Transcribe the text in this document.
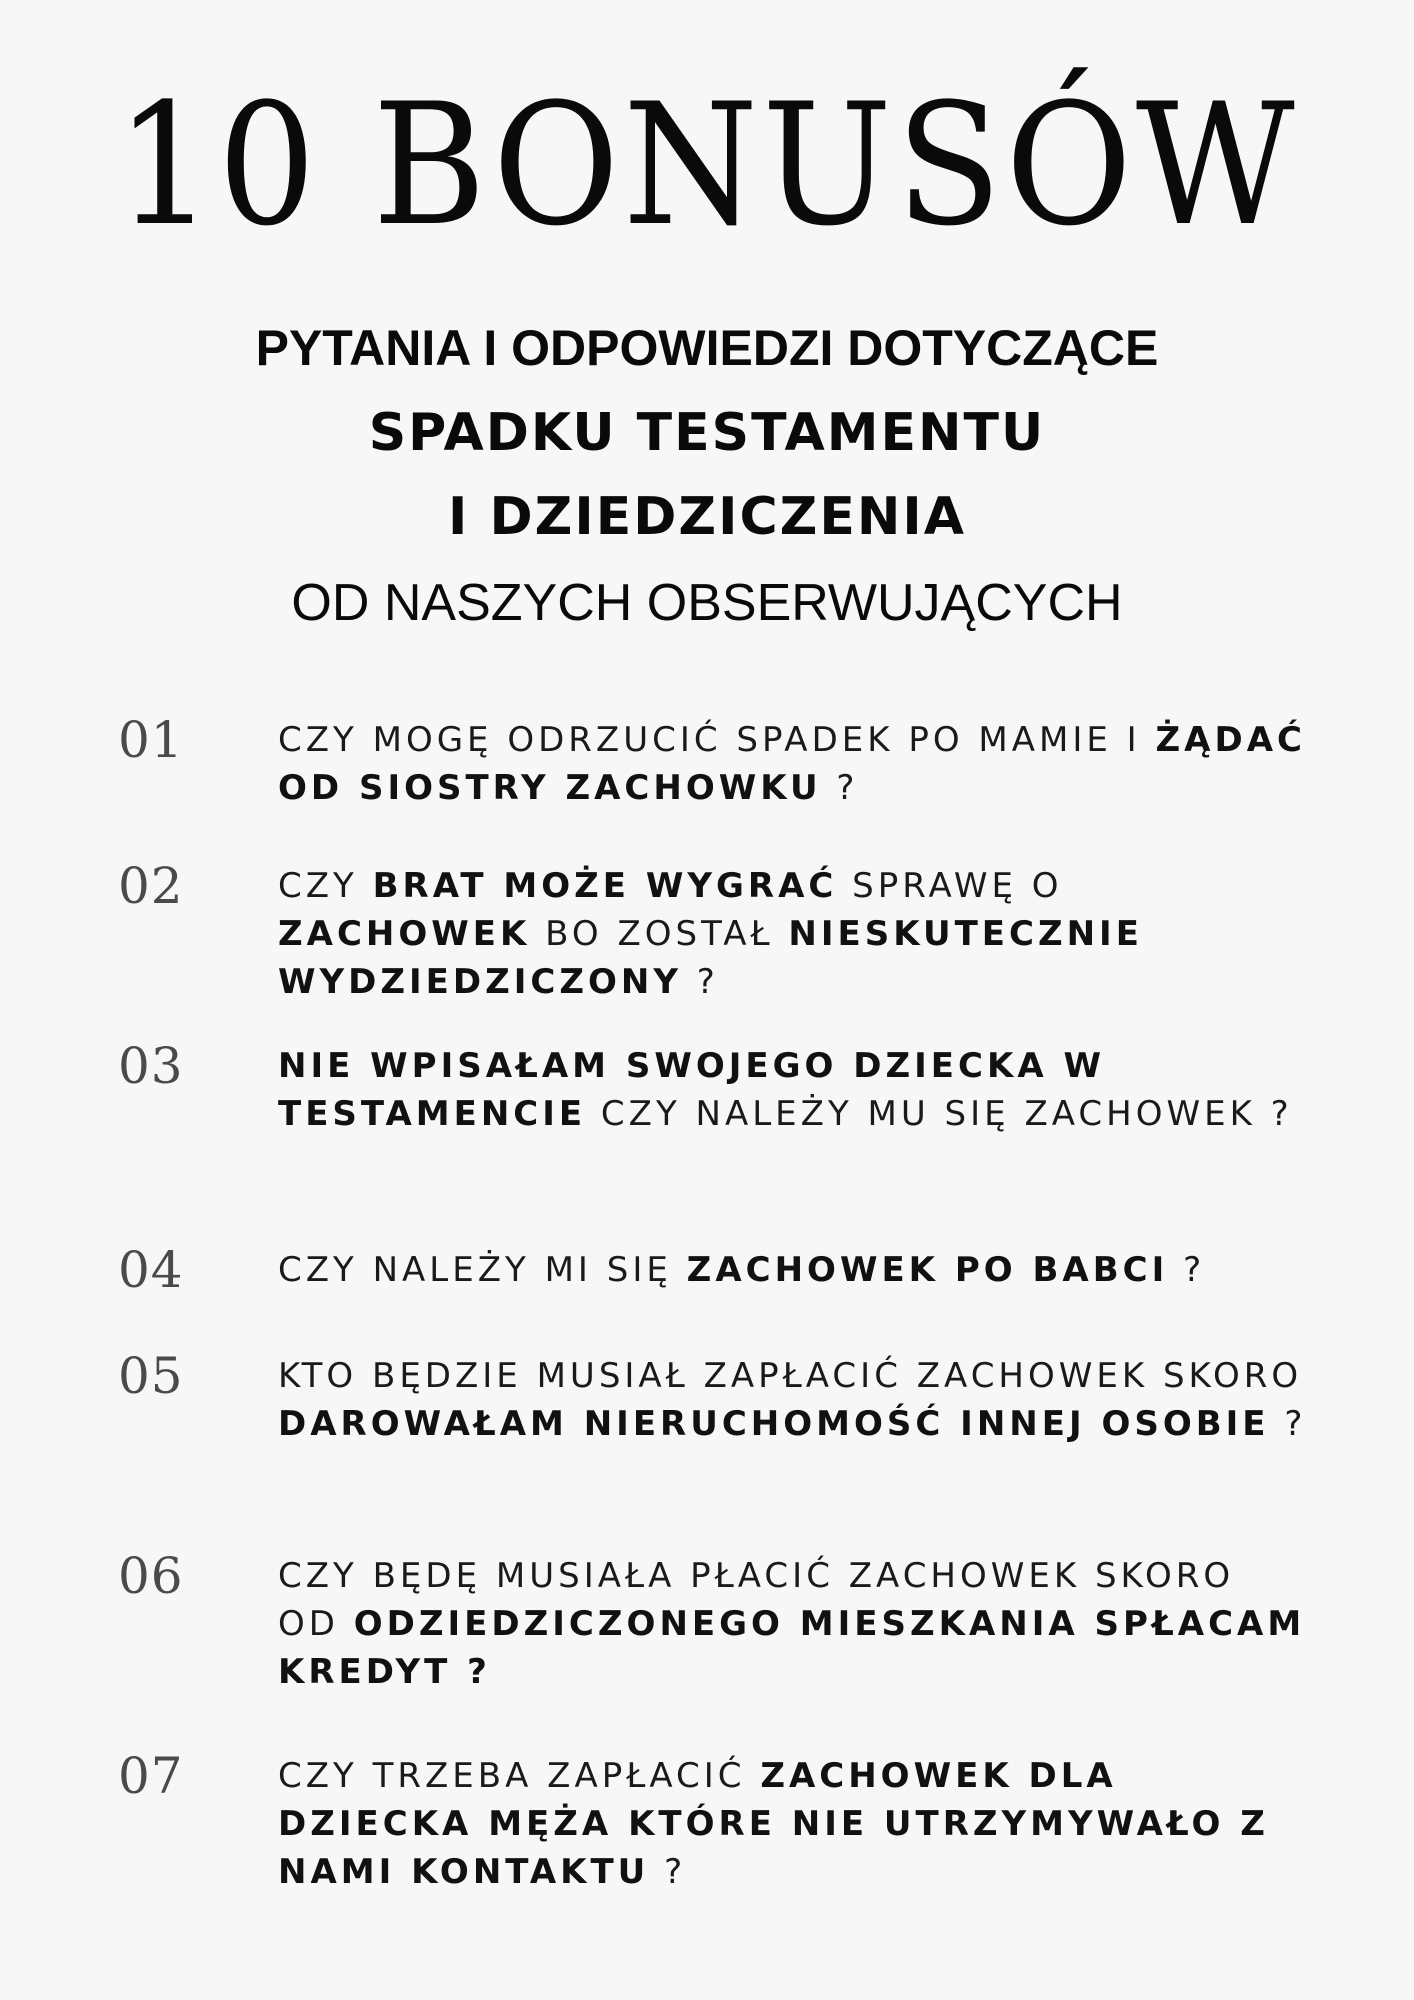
10 BONUSÓW

PYTANIA I ODPOWIEDZI DOTYCZĄCE

SPADKU TESTAMENTU

I DZIEDZICZENIA

OD NASZYCH OBSERWUJĄCYCH

01	CZY MOGĘ ODRZUCIĆ SPADEK PO MAMIE I ŻĄDAĆ OD SIOSTRY ZACHOWKU ?

02	CZY BRAT MOŻE WYGRAĆ SPRAWĘ O ZACHOWEK BO ZOSTAŁ NIESKUTECZNIE WYDZIEDZICZONY ?

03	NIE WPISAŁAM SWOJEGO DZIECKA W TESTAMENCIE CZY NALEŻY MU SIĘ ZACHOWEK ?

04	CZY NALEŻY MI SIĘ ZACHOWEK PO BABCI ?

05	KTO BĘDZIE MUSIAŁ ZAPŁACIĆ ZACHOWEK SKORO DAROWAŁAM NIERUCHOMOŚĆ INNEJ OSOBIE ?

06	CZY BĘDĘ MUSIAŁA PŁACIĆ ZACHOWEK SKORO OD ODZIEDZICZONEGO MIESZKANIA SPŁACAM KREDYT ?

07	CZY TRZEBA ZAPŁACIĆ ZACHOWEK DLA DZIECKA MĘŻA KTÓRE NIE UTRZYMYWAŁO Z NAMI KONTAKTU ?
